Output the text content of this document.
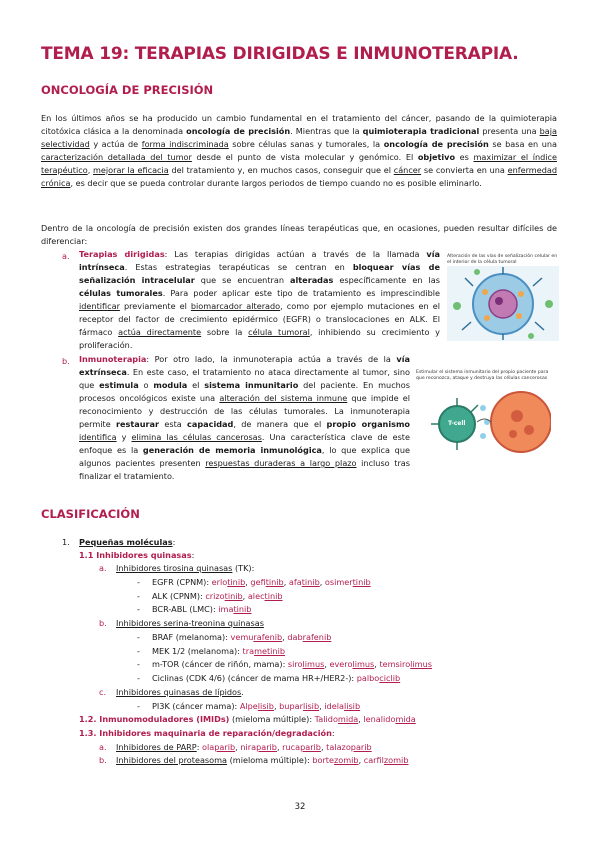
TEMA 19: TERAPIAS DIRIGIDAS E INMUNOTERAPIA.
ONCOLOGÍA DE PRECISIÓN
En los últimos años se ha producido un cambio fundamental en el tratamiento del cáncer, pasando de la quimioterapia citotóxica clásica a la denominada oncología de precisión. Mientras que la quimioterapia tradicional presenta una baja selectividad y actúa de forma indiscriminada sobre células sanas y tumorales, la oncología de precisión se basa en una caracterización detallada del tumor desde el punto de vista molecular y genómico. El objetivo es maximizar el índice terapéutico, mejorar la eficacia del tratamiento y, en muchos casos, conseguir que el cáncer se convierta en una enfermedad crónica, es decir que se pueda controlar durante largos periodos de tiempo cuando no es posible eliminarlo.
Dentro de la oncología de precisión existen dos grandes líneas terapéuticas que, en ocasiones, pueden resultar difíciles de diferenciar:
a. Terapias dirigidas: Las terapias dirigidas actúan a través de la llamada vía intrínseca. Estas estrategias terapéuticas se centran en bloquear vías de señalización intracelular que se encuentran alteradas específicamente en las células tumorales. Para poder aplicar este tipo de tratamiento es imprescindible identificar previamente el biomarcador alterado, como por ejemplo mutaciones en el receptor del factor de crecimiento epidérmico (EGFR) o translocaciones en ALK. El fármaco actúa directamente sobre la célula tumoral, inhibiendo su crecimiento y proliferación.
b. Inmunoterapia: Por otro lado, la inmunoterapia actúa a través de la vía extrínseca. En este caso, el tratamiento no ataca directamente al tumor, sino que estimula o modula el sistema inmunitario del paciente. En muchos procesos oncológicos existe una alteración del sistema inmune que impide el reconocimiento y destrucción de las células tumorales. La inmunoterapia permite restaurar esta capacidad, de manera que el propio organismo identifica y elimina las células cancerosas. Una característica clave de este enfoque es la generación de memoria inmunológica, lo que explica que algunos pacientes presenten respuestas duraderas a largo plazo incluso tras finalizar el tratamiento.
Alteración de las vías de señalización celular en el interior de la célula tumoral
Estimular el sistema inmunitario del propio paciente para que reconozca, ataque y destruya las células cancerosas
T-cell
CLASIFICACIÓN
1. Pequeñas moléculas:
1.1 Inhibidores quinasas:
a. Inhibidores tirosina quinasas (TK):
- EGFR (CPNM): erlotinib, gefitinib, afatinib, osimertinib
- ALK (CPNM): crizotinib, alectinib
- BCR-ABL (LMC): imatinib
b. Inhibidores serina-treonina quinasas
- BRAF (melanoma): vemurafenib, dabrafenib
- MEK 1/2 (melanoma): trametinib
- m-TOR (cáncer de riñón, mama): sirolimus, everolimus, temsirolimus
- Ciclinas (CDK 4/6) (cáncer de mama HR+/HER2-): palbociclib
c. Inhibidores quinasas de lípidos.
- PI3K (cáncer mama): Alpelisib, buparlisib, idelalisib
1.2. Inmunomoduladores (IMIDs) (mieloma múltiple): Talidomida, lenalidomida
1.3. Inhibidores maquinaria de reparación/degradación:
a. Inhibidores de PARP: olaparib, niraparib, rucaparib, talazoparib
b. Inhibidores del proteasoma (mieloma múltiple): bortezomib, carfilzomib
32
